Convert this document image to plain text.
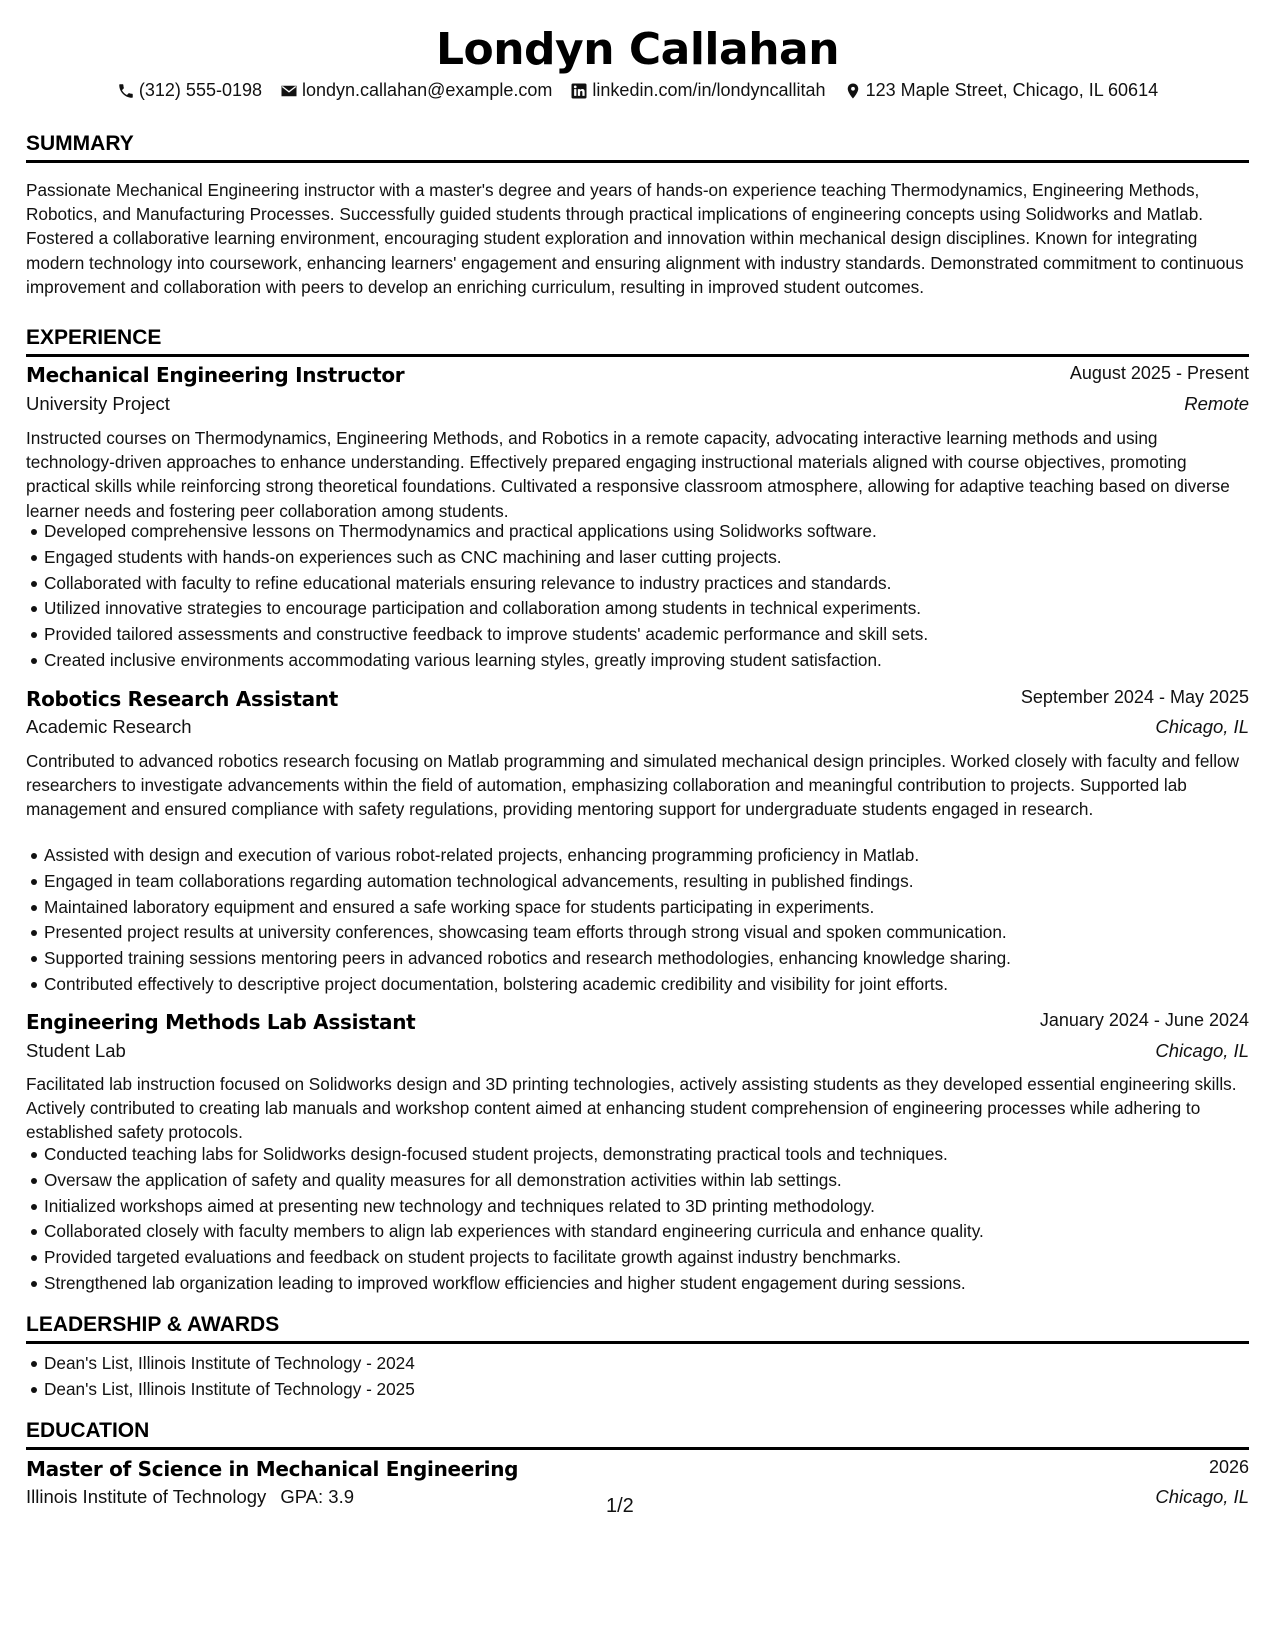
Londyn Callahan
(312) 555-0198 londyn.callahan@example.com linkedin.com/in/londyncallitah 123 Maple Street, Chicago, IL 60614
SUMMARY
Passionate Mechanical Engineering instructor with a master's degree and years of hands-on experience teaching Thermodynamics, Engineering Methods, Robotics, and Manufacturing Processes. Successfully guided students through practical implications of engineering concepts using Solidworks and Matlab. Fostered a collaborative learning environment, encouraging student exploration and innovation within mechanical design disciplines. Known for integrating modern technology into coursework, enhancing learners' engagement and ensuring alignment with industry standards. Demonstrated commitment to continuous improvement and collaboration with peers to develop an enriching curriculum, resulting in improved student outcomes.
EXPERIENCE
Mechanical Engineering Instructor	August 2025 - Present
University Project	Remote
Instructed courses on Thermodynamics, Engineering Methods, and Robotics in a remote capacity, advocating interactive learning methods and using technology-driven approaches to enhance understanding. Effectively prepared engaging instructional materials aligned with course objectives, promoting practical skills while reinforcing strong theoretical foundations. Cultivated a responsive classroom atmosphere, allowing for adaptive teaching based on diverse learner needs and fostering peer collaboration among students.
Developed comprehensive lessons on Thermodynamics and practical applications using Solidworks software.
Engaged students with hands-on experiences such as CNC machining and laser cutting projects.
Collaborated with faculty to refine educational materials ensuring relevance to industry practices and standards.
Utilized innovative strategies to encourage participation and collaboration among students in technical experiments.
Provided tailored assessments and constructive feedback to improve students' academic performance and skill sets.
Created inclusive environments accommodating various learning styles, greatly improving student satisfaction.
Robotics Research Assistant	September 2024 - May 2025
Academic Research	Chicago, IL
Contributed to advanced robotics research focusing on Matlab programming and simulated mechanical design principles. Worked closely with faculty and fellow researchers to investigate advancements within the field of automation, emphasizing collaboration and meaningful contribution to projects. Supported lab management and ensured compliance with safety regulations, providing mentoring support for undergraduate students engaged in research.
Assisted with design and execution of various robot-related projects, enhancing programming proficiency in Matlab.
Engaged in team collaborations regarding automation technological advancements, resulting in published findings.
Maintained laboratory equipment and ensured a safe working space for students participating in experiments.
Presented project results at university conferences, showcasing team efforts through strong visual and spoken communication.
Supported training sessions mentoring peers in advanced robotics and research methodologies, enhancing knowledge sharing.
Contributed effectively to descriptive project documentation, bolstering academic credibility and visibility for joint efforts.
Engineering Methods Lab Assistant	January 2024 - June 2024
Student Lab	Chicago, IL
Facilitated lab instruction focused on Solidworks design and 3D printing technologies, actively assisting students as they developed essential engineering skills. Actively contributed to creating lab manuals and workshop content aimed at enhancing student comprehension of engineering processes while adhering to established safety protocols.
Conducted teaching labs for Solidworks design-focused student projects, demonstrating practical tools and techniques.
Oversaw the application of safety and quality measures for all demonstration activities within lab settings.
Initialized workshops aimed at presenting new technology and techniques related to 3D printing methodology.
Collaborated closely with faculty members to align lab experiences with standard engineering curricula and enhance quality.
Provided targeted evaluations and feedback on student projects to facilitate growth against industry benchmarks.
Strengthened lab organization leading to improved workflow efficiencies and higher student engagement during sessions.
LEADERSHIP & AWARDS
Dean's List, Illinois Institute of Technology - 2024
Dean's List, Illinois Institute of Technology - 2025
EDUCATION
Master of Science in Mechanical Engineering	2026
Illinois Institute of Technology GPA: 3.9	Chicago, IL
1/2
